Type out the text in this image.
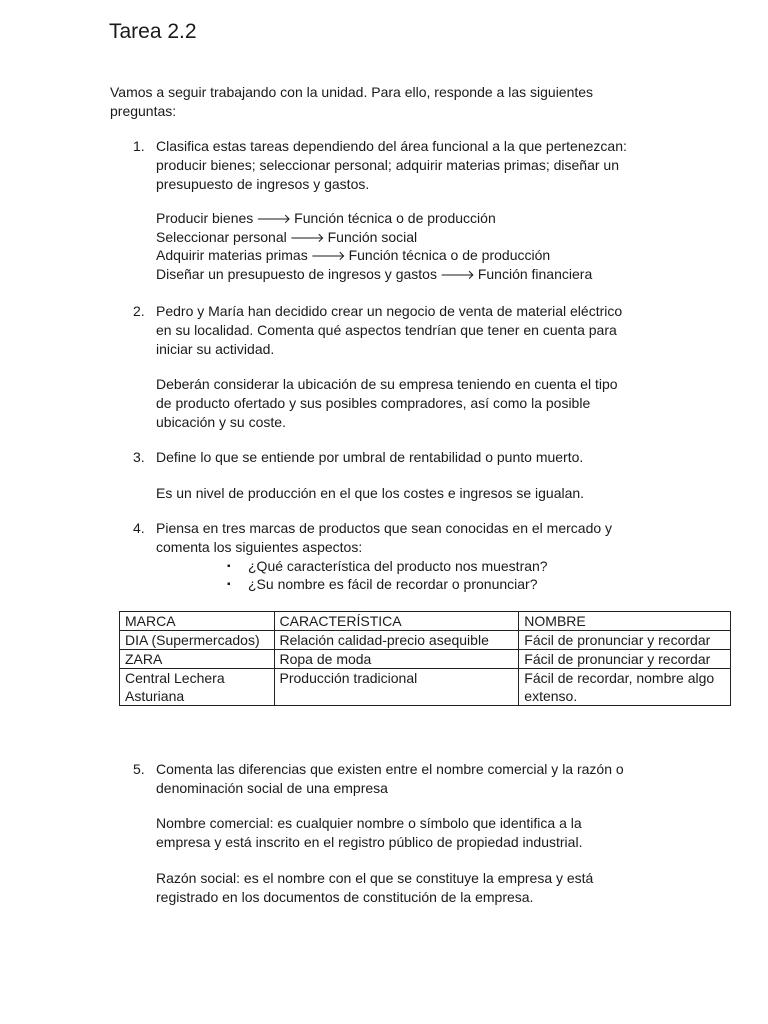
Tarea 2.2
Vamos a seguir trabajando con la unidad. Para ello, responde a las siguientes
preguntas:
1. Clasifica estas tareas dependiendo del área funcional a la que pertenezcan:
producir bienes; seleccionar personal; adquirir materias primas; diseñar un
presupuesto de ingresos y gastos.
Producir bienes 🡒 Función técnica o de producción
Seleccionar personal 🡒 Función social
Adquirir materias primas 🡒 Función técnica o de producción
Diseñar un presupuesto de ingresos y gastos 🡒 Función financiera
2. Pedro y María han decidido crear un negocio de venta de material eléctrico
en su localidad. Comenta qué aspectos tendrían que tener en cuenta para
iniciar su actividad.
Deberán considerar la ubicación de su empresa teniendo en cuenta el tipo
de producto ofertado y sus posibles compradores, así como la posible
ubicación y su coste.
3. Define lo que se entiende por umbral de rentabilidad o punto muerto.
Es un nivel de producción en el que los costes e ingresos se igualan.
4. Piensa en tres marcas de productos que sean conocidas en el mercado y
comenta los siguientes aspectos:
▪ ¿Qué característica del producto nos muestran?
▪ ¿Su nombre es fácil de recordar o pronunciar?
MARCA	CARACTERÍSTICA	NOMBRE
DIA (Supermercados)	Relación calidad-precio asequible	Fácil de pronunciar y recordar
ZARA	Ropa de moda	Fácil de pronunciar y recordar
Central Lechera Asturiana	Producción tradicional	Fácil de recordar, nombre algo extenso.
5. Comenta las diferencias que existen entre el nombre comercial y la razón o
denominación social de una empresa
Nombre comercial: es cualquier nombre o símbolo que identifica a la
empresa y está inscrito en el registro público de propiedad industrial.
Razón social: es el nombre con el que se constituye la empresa y está
registrado en los documentos de constitución de la empresa.
